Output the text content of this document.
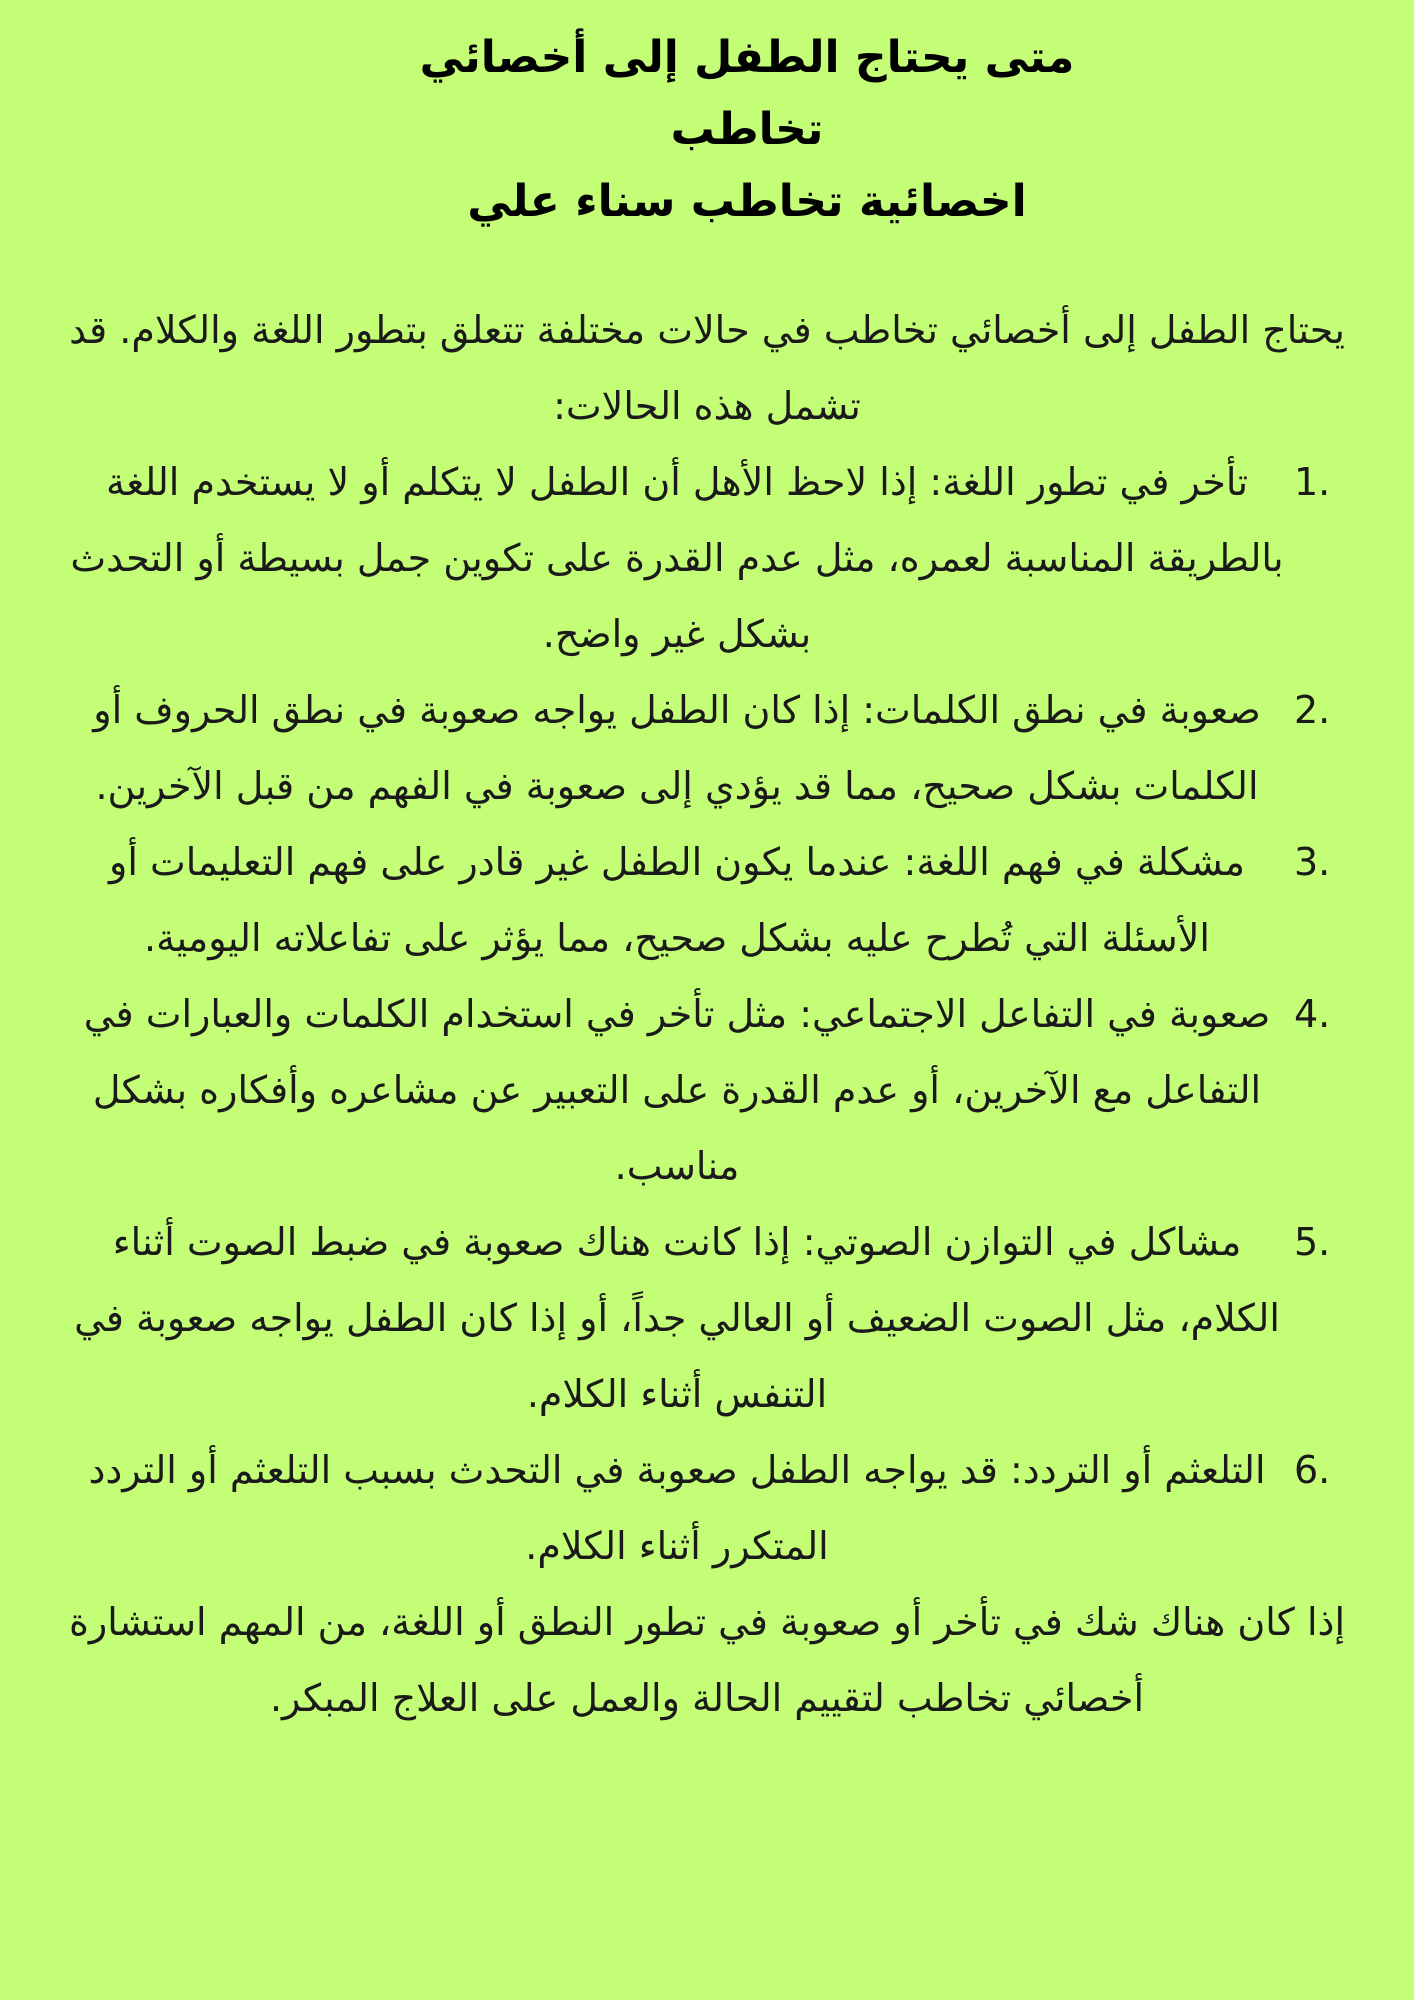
متى يحتاج الطفل إلى أخصائي
تخاطب
اخصائية تخاطب سناء علي

يحتاج الطفل إلى أخصائي تخاطب في حالات مختلفة تتعلق بتطور اللغة والكلام. قد تشمل هذه الحالات:

1.
تأخر في تطور اللغة: إذا لاحظ الأهل أن الطفل لا يتكلم أو لا يستخدم اللغة بالطريقة المناسبة لعمره، مثل عدم القدرة على تكوين جمل بسيطة أو التحدث بشكل غير واضح.
2.
صعوبة في نطق الكلمات: إذا كان الطفل يواجه صعوبة في نطق الحروف أو الكلمات بشكل صحيح، مما قد يؤدي إلى صعوبة في الفهم من قبل الآخرين.
3.
مشكلة في فهم اللغة: عندما يكون الطفل غير قادر على فهم التعليمات أو الأسئلة التي تُطرح عليه بشكل صحيح، مما يؤثر على تفاعلاته اليومية.
4.
صعوبة في التفاعل الاجتماعي: مثل تأخر في استخدام الكلمات والعبارات في التفاعل مع الآخرين، أو عدم القدرة على التعبير عن مشاعره وأفكاره بشكل مناسب.
5.
مشاكل في التوازن الصوتي: إذا كانت هناك صعوبة في ضبط الصوت أثناء الكلام، مثل الصوت الضعيف أو العالي جداً، أو إذا كان الطفل يواجه صعوبة في التنفس أثناء الكلام.
6.
التلعثم أو التردد: قد يواجه الطفل صعوبة في التحدث بسبب التلعثم أو التردد المتكرر أثناء الكلام.

إذا كان هناك شك في تأخر أو صعوبة في تطور النطق أو اللغة، من المهم استشارة أخصائي تخاطب لتقييم الحالة والعمل على العلاج المبكر.
